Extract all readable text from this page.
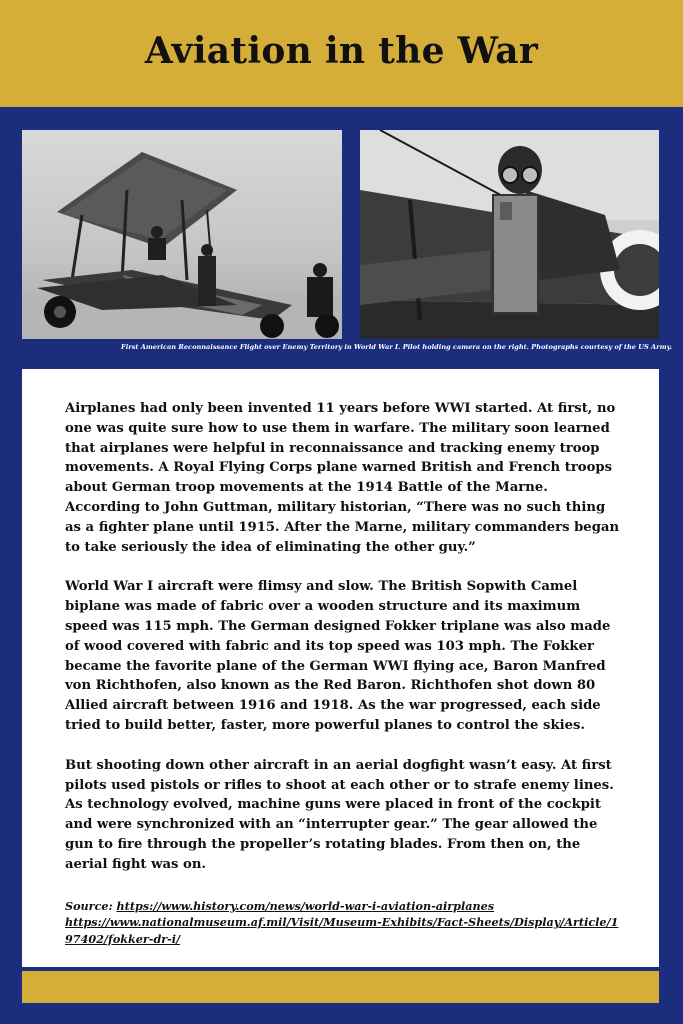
Aviation in the War
First American Reconnaissance Flight over Enemy Territory in World War I. Pilot holding camera on the right. Photographs courtesy of the US Army.

Airplanes had only been invented 11 years before WWI started. At first, no one was quite sure how to use them in warfare. The military soon learned that airplanes were helpful in reconnaissance and tracking enemy troop movements. A Royal Flying Corps plane warned British and French troops about German troop movements at the 1914 Battle of the Marne. According to John Guttman, military historian, “There was no such thing as a fighter plane until 1915. After the Marne, military commanders began to take seriously the idea of eliminating the other guy.”

World War I aircraft were flimsy and slow. The British Sopwith Camel biplane was made of fabric over a wooden structure and its maximum speed was 115 mph. The German designed Fokker triplane was also made of wood covered with fabric and its top speed was 103 mph. The Fokker became the favorite plane of the German WWI flying ace, Baron Manfred von Richthofen, also known as the Red Baron. Richthofen shot down 80 Allied aircraft between 1916 and 1918. As the war progressed, each side tried to build better, faster, more powerful planes to control the skies.

But shooting down other aircraft in an aerial dogfight wasn’t easy. At first pilots used pistols or rifles to shoot at each other or to strafe enemy lines. As technology evolved, machine guns were placed in front of the cockpit and were synchronized with an “interrupter gear.” The gear allowed the gun to fire through the propeller’s rotating blades. From then on, the aerial fight was on.

Source: https://www.history.com/news/world-war-i-aviation-airplanes
https://www.nationalmuseum.af.mil/Visit/Museum-Exhibits/Fact-Sheets/Display/Article/197402/fokker-dr-i/
